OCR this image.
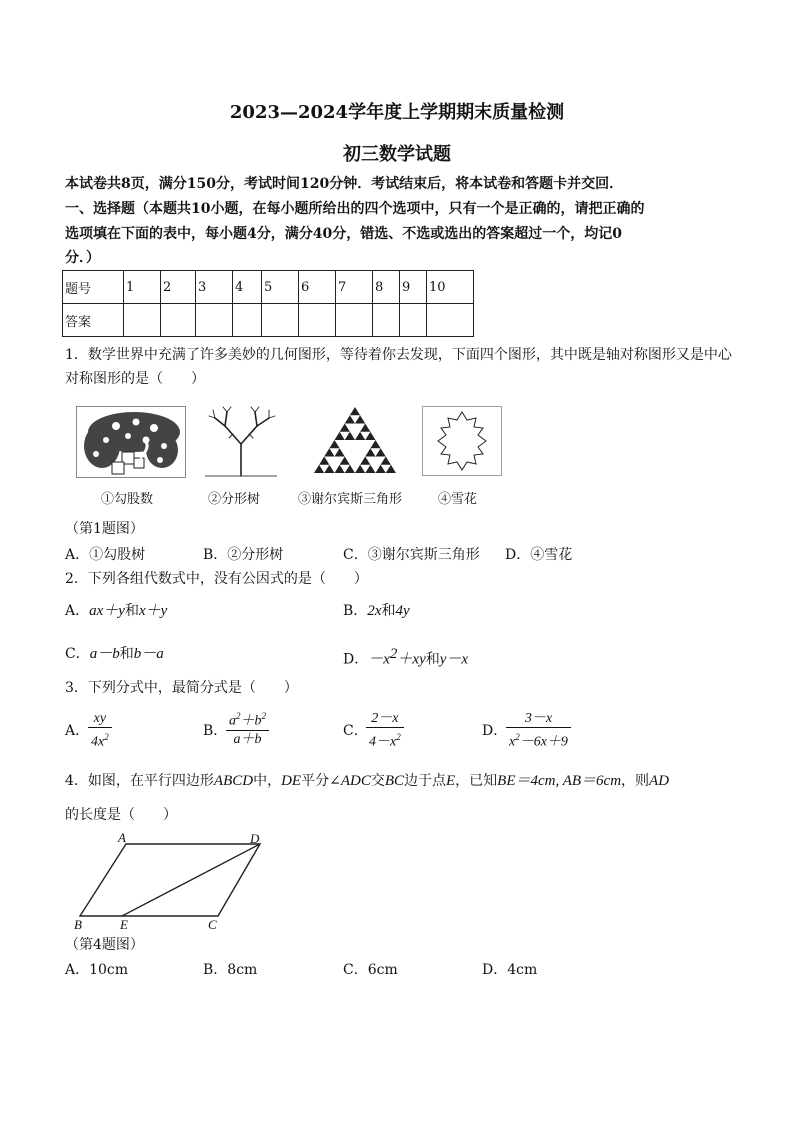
2023—2024学年度上学期期末质量检测
初三数学试题
本试卷共8页，满分150分，考试时间120分钟．考试结束后，将本试卷和答题卡并交回．
一、选择题（本题共10小题，在每小题所给出的四个选项中，只有一个是正确的，请把正确的
选项填在下面的表中，每小题4分，满分40分，错选、不选或选出的答案超过一个，均记0
分．）
题号	1	2	3	4	5	6	7	8	9	10
答案										
1．数学世界中充满了许多美妙的几何图形，等待着你去发现，下面四个图形，其中既是轴对称图形又是中心
对称图形的是（　　）
①勾股数	②分形树	③谢尔宾斯三角形	④雪花
（第1题图）
A．①勾股树	B．②分形树	C．③谢尔宾斯三角形 D．④雪花
2．下列各组代数式中，没有公因式的是（　　）
A．ax＋y和x＋y	B．2x和4y
C．a－b和b－a	D．$-x^2+xy$和y－x
3．下列分式中，最简分式是（　　）
A．
$\frac{xy}{4x^2}$	B．
$\frac{a^2+b^2}{a+b}$	C．
$\frac{2-x}{4-x^2}$	D．
$\frac{3-x}{x^2-6x+9}$
4．如图，在平行四边形ABCD中，DE平分∠ADC交BC边于点E，已知BE＝4cm, AB＝6cm，则AD
的长度是（　　）
A	D
B	E	C
（第4题图）
A．10cm	B．8cm	C．6cm	D．4cm
